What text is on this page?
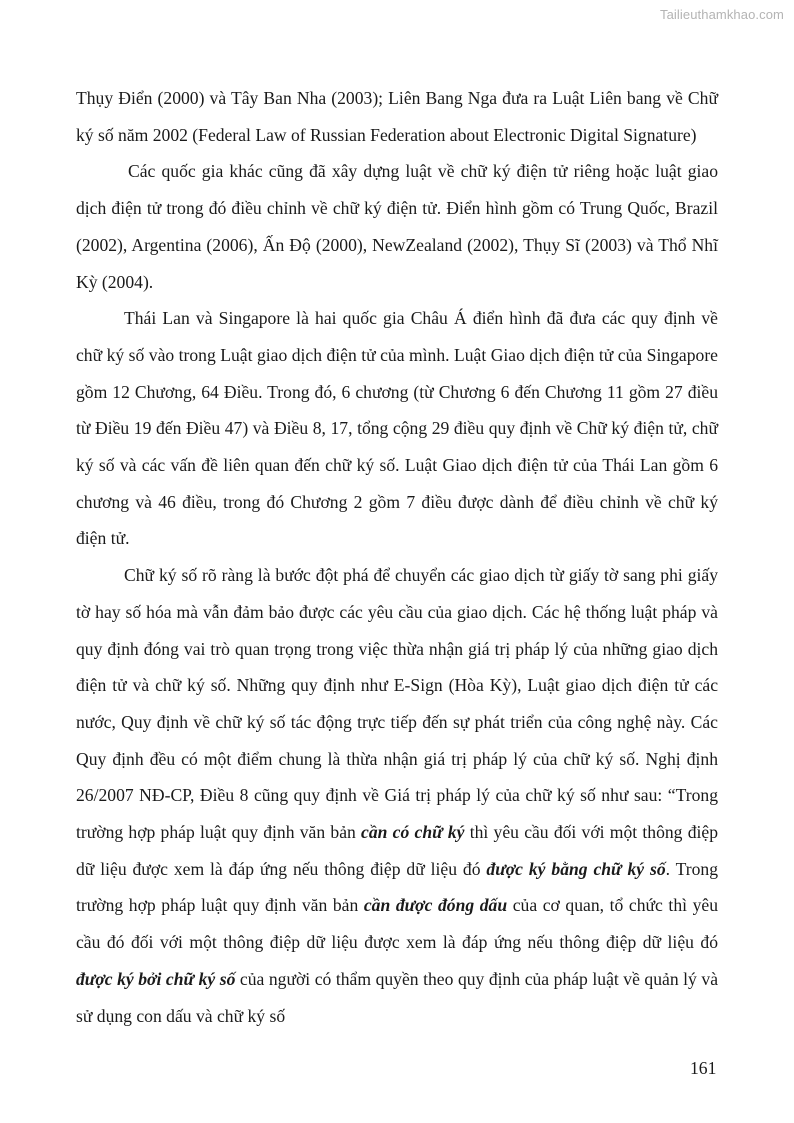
Tailieuthamkhao.com

Thụy Điển (2000) và Tây Ban Nha (2003); Liên Bang Nga đưa ra Luật Liên bang về Chữ ký số năm 2002 (Federal Law of Russian Federation about Electronic Digital Signature)

Các quốc gia khác cũng đã xây dựng luật về chữ ký điện tử riêng hoặc luật giao dịch điện tử trong đó điều chỉnh về chữ ký điện tử. Điển hình gồm có Trung Quốc, Brazil (2002), Argentina (2006), Ấn Độ (2000), NewZealand (2002), Thụy Sĩ (2003) và Thổ Nhĩ Kỳ (2004).

Thái Lan và Singapore là hai quốc gia Châu Á điển hình đã đưa các quy định về chữ ký số vào trong Luật giao dịch điện tử của mình. Luật Giao dịch điện tử của Singapore gồm 12 Chương, 64 Điều. Trong đó, 6 chương (từ Chương 6 đến Chương 11 gồm 27 điều từ Điều 19 đến Điều 47) và Điều 8, 17, tổng cộng 29 điều quy định về Chữ ký điện tử, chữ ký số và các vấn đề liên quan đến chữ ký số. Luật Giao dịch điện tử của Thái Lan gồm 6 chương và 46 điều, trong đó Chương 2 gồm 7 điều được dành để điều chỉnh về chữ ký điện tử.

Chữ ký số rõ ràng là bước đột phá để chuyển các giao dịch từ giấy tờ sang phi giấy tờ hay số hóa mà vẫn đảm bảo được các yêu cầu của giao dịch. Các hệ thống luật pháp và quy định đóng vai trò quan trọng trong việc thừa nhận giá trị pháp lý của những giao dịch điện tử và chữ ký số. Những quy định như E-Sign (Hòa Kỳ), Luật giao dịch điện tử các nước, Quy định về chữ ký số tác động trực tiếp đến sự phát triển của công nghệ này. Các Quy định đều có một điểm chung là thừa nhận giá trị pháp lý của chữ ký số. Nghị định 26/2007 NĐ-CP, Điều 8 cũng quy định về Giá trị pháp lý của chữ ký số như sau: “Trong trường hợp pháp luật quy định văn bản cần có chữ ký thì yêu cầu đối với một thông điệp dữ liệu được xem là đáp ứng nếu thông điệp dữ liệu đó được ký bằng chữ ký số. Trong trường hợp pháp luật quy định văn bản cần được đóng dấu của cơ quan, tổ chức thì yêu cầu đó đối với một thông điệp dữ liệu được xem là đáp ứng nếu thông điệp dữ liệu đó được ký bởi chữ ký số của người có thẩm quyền theo quy định của pháp luật về quản lý và sử dụng con dấu và chữ ký số

161
